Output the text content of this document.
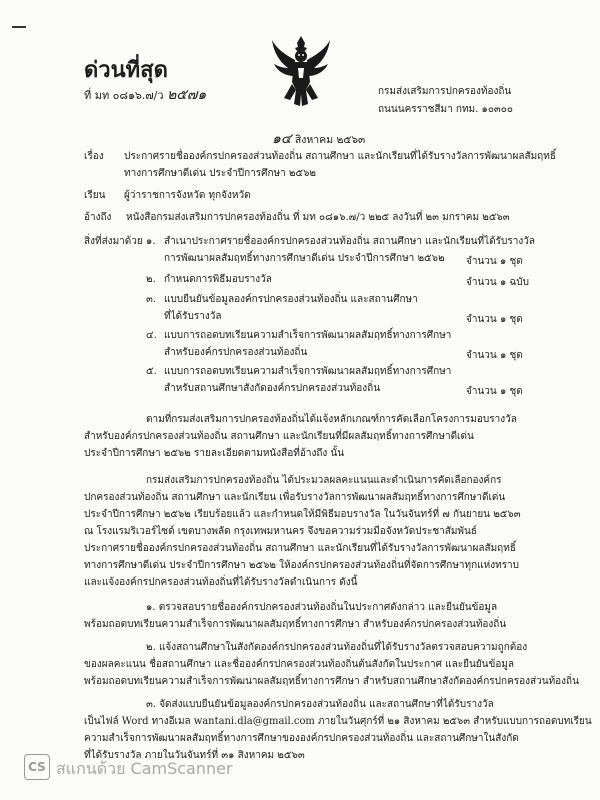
ด่วนที่สุด
ที่ มท ๐๘๑๖.๗/ว ๒๕๗๑	กรมส่งเสริมการปกครองท้องถิ่น
ถนนนครราชสีมา กทม. ๑๐๓๐๐
๑๔ สิงหาคม ๒๕๖๓
เรื่อง ประกาศรายชื่อองค์กรปกครองส่วนท้องถิ่น สถานศึกษา และนักเรียนที่ได้รับรางวัลการพัฒนาผลสัมฤทธิ์
ทางการศึกษาดีเด่น ประจำปีการศึกษา ๒๕๖๒
เรียน ผู้ว่าราชการจังหวัด ทุกจังหวัด
อ้างถึง หนังสือกรมส่งเสริมการปกครองท้องถิ่น ที่ มท ๐๘๑๖.๗/ว ๒๒๕ ลงวันที่ ๒๓ มกราคม ๒๕๖๓
สิ่งที่ส่งมาด้วย ๑. สำเนาประกาศรายชื่อองค์กรปกครองส่วนท้องถิ่น สถานศึกษา และนักเรียนที่ได้รับรางวัล
การพัฒนาผลสัมฤทธิ์ทางการศึกษาดีเด่น ประจำปีการศึกษา ๒๕๖๒ จำนวน ๑ ชุด
๒. กำหนดการพิธีมอบรางวัล	จำนวน ๑ ฉบับ
๓. แบบยืนยันข้อมูลองค์กรปกครองส่วนท้องถิ่น และสถานศึกษา
ที่ได้รับรางวัล	จำนวน ๑ ชุด
๔. แบบการถอดบทเรียนความสำเร็จการพัฒนาผลสัมฤทธิ์ทางการศึกษา
สำหรับองค์กรปกครองส่วนท้องถิ่น	จำนวน ๑ ชุด
๕. แบบการถอดบทเรียนความสำเร็จการพัฒนาผลสัมฤทธิ์ทางการศึกษา
สำหรับสถานศึกษาสังกัดองค์กรปกครองส่วนท้องถิ่น	จำนวน ๑ ชุด
ตามที่กรมส่งเสริมการปกครองท้องถิ่นได้แจ้งหลักเกณฑ์การคัดเลือกโครงการมอบรางวัล
สำหรับองค์กรปกครองส่วนท้องถิ่น สถานศึกษา และนักเรียนที่มีผลสัมฤทธิ์ทางการศึกษาดีเด่น
ประจำปีการศึกษา ๒๕๖๒ รายละเอียดตามหนังสือที่อ้างถึง นั้น
กรมส่งเสริมการปกครองท้องถิ่น ได้ประมวลผลคะแนนและดำเนินการคัดเลือกองค์กร
ปกครองส่วนท้องถิ่น สถานศึกษา และนักเรียน เพื่อรับรางวัลการพัฒนาผลสัมฤทธิ์ทางการศึกษาดีเด่น
ประจำปีการศึกษา ๒๕๖๒ เรียบร้อยแล้ว และกำหนดให้มีพิธีมอบรางวัล ในวันจันทร์ที่ ๗ กันยายน ๒๕๖๓
ณ โรงแรมริเวอร์ไซด์ เขตบางพลัด กรุงเทพมหานคร จึงขอความร่วมมือจังหวัดประชาสัมพันธ์
ประกาศรายชื่อองค์กรปกครองส่วนท้องถิ่น สถานศึกษา และนักเรียนที่ได้รับรางวัลการพัฒนาผลสัมฤทธิ์
ทางการศึกษาดีเด่น ประจำปีการศึกษา ๒๕๖๒ ให้องค์กรปกครองส่วนท้องถิ่นที่จัดการศึกษาทุกแห่งทราบ
และแจ้งองค์กรปกครองส่วนท้องถิ่นที่ได้รับรางวัลดำเนินการ ดังนี้
๑. ตรวจสอบรายชื่อองค์กรปกครองส่วนท้องถิ่นในประกาศดังกล่าว และยืนยันข้อมูล
พร้อมถอดบทเรียนความสำเร็จการพัฒนาผลสัมฤทธิ์ทางการศึกษา สำหรับองค์กรปกครองส่วนท้องถิ่น
๒. แจ้งสถานศึกษาในสังกัดองค์กรปกครองส่วนท้องถิ่นที่ได้รับรางวัลตรวจสอบความถูกต้อง
ของผลคะแนน ชื่อสถานศึกษา และชื่อองค์กรปกครองส่วนท้องถิ่นต้นสังกัดในประกาศ และยืนยันข้อมูล
พร้อมถอดบทเรียนความสำเร็จการพัฒนาผลสัมฤทธิ์ทางการศึกษา สำหรับสถานศึกษาสังกัดองค์กรปกครองส่วนท้องถิ่น
๓. จัดส่งแบบยืนยันข้อมูลองค์กรปกครองส่วนท้องถิ่น และสถานศึกษาที่ได้รับรางวัล
เป็นไฟล์ Word ทางอีเมล wantani.dla@gmail.com ภายในวันศุกร์ที่ ๒๑ สิงหาคม ๒๕๖๓ สำหรับแบบการถอดบทเรียน
ความสำเร็จการพัฒนาผลสัมฤทธิ์ทางการศึกษาขององค์กรปกครองส่วนท้องถิ่น และสถานศึกษาในสังกัด
ที่ได้รับรางวัล ภายในวันจันทร์ที่ ๓๑ สิงหาคม ๒๕๖๓
CS สแกนด้วย CamScanner
